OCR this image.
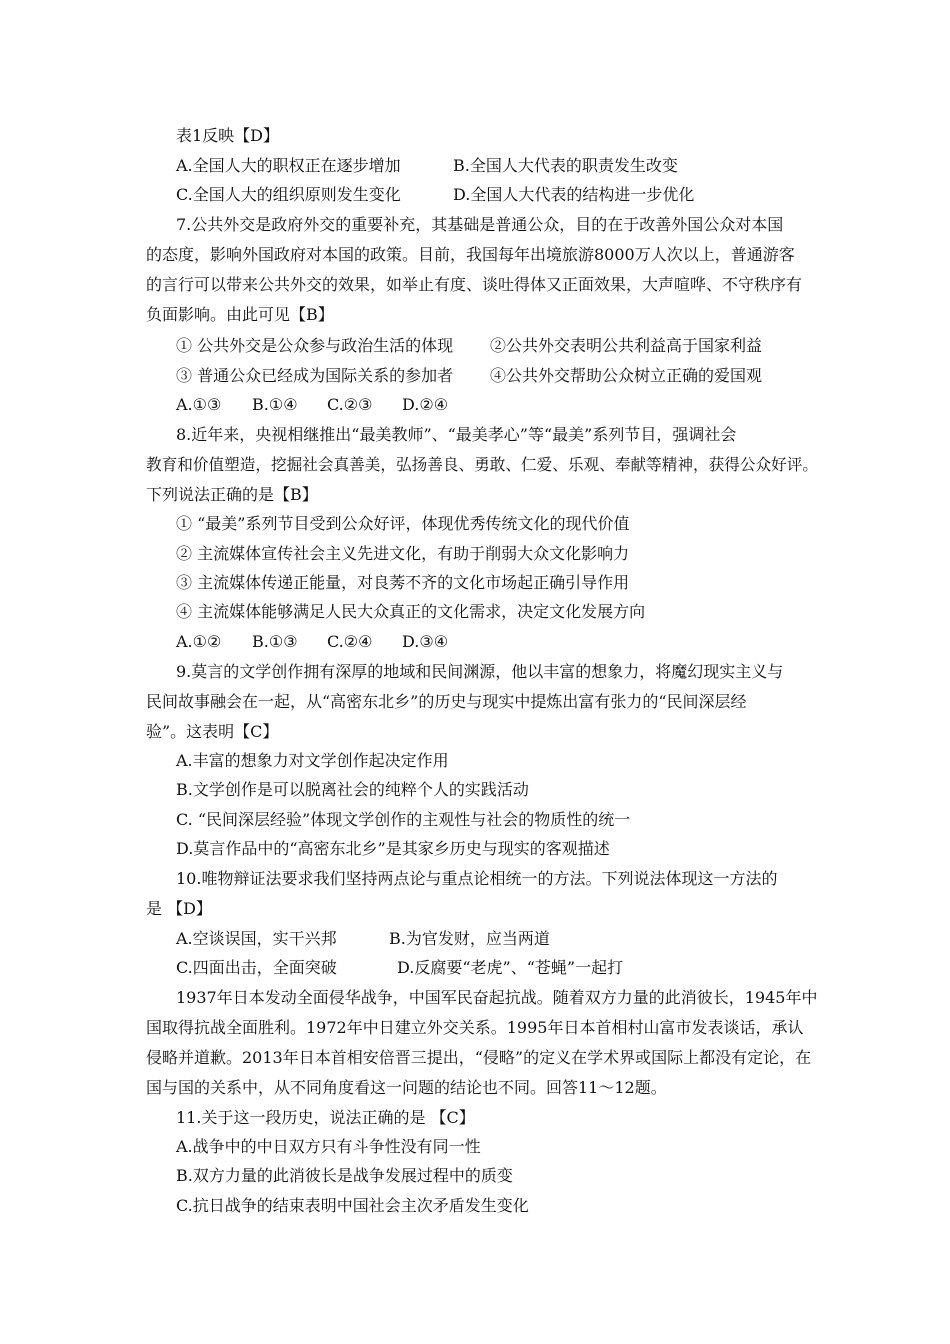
表1反映【D】
A.全国人大的职权正在逐步增加	B.全国人大代表的职责发生改变
C.全国人大的组织原则发生变化	D.全国人大代表的结构进一步优化
7.公共外交是政府外交的重要补充，其基础是普通公众，目的在于改善外国公众对本国
的态度，影响外国政府对本国的政策。目前，我国每年出境旅游8000万人次以上，普通游客
的言行可以带来公共外交的效果，如举止有度、谈吐得体又正面效果，大声喧哗、不守秩序有
负面影响。由此可见【B】
① 公共外交是公众参与政治生活的体现 ②公共外交表明公共利益高于国家利益
③ 普通公众已经成为国际关系的参加者 ④公共外交帮助公众树立正确的爱国观
A.①③ B.①④ C.②③ D.②④
8.近年来，央视相继推出“最美教师”、“最美孝心”等“最美”系列节目，强调社会
教育和价值塑造，挖掘社会真善美，弘扬善良、勇敢、仁爱、乐观、奉献等精神，获得公众好评。
下列说法正确的是【B】
① “最美”系列节目受到公众好评，体现优秀传统文化的现代价值
② 主流媒体宣传社会主义先进文化，有助于削弱大众文化影响力
③ 主流媒体传递正能量，对良莠不齐的文化市场起正确引导作用
④ 主流媒体能够满足人民大众真正的文化需求，决定文化发展方向
A.①② B.①③ C.②④ D.③④
9.莫言的文学创作拥有深厚的地域和民间渊源，他以丰富的想象力，将魔幻现实主义与
民间故事融会在一起，从“高密东北乡”的历史与现实中提炼出富有张力的“民间深层经
验”。这表明【C】
A.丰富的想象力对文学创作起决定作用
B.文学创作是可以脱离社会的纯粹个人的实践活动
C. “民间深层经验”体现文学创作的主观性与社会的物质性的统一
D.莫言作品中的“高密东北乡”是其家乡历史与现实的客观描述
10.唯物辩证法要求我们坚持两点论与重点论相统一的方法。下列说法体现这一方法的
是 【D】
A.空谈误国，实干兴邦	B.为官发财，应当两道
C.四面出击，全面突破	D.反腐要“老虎”、“苍蝇”一起打
1937年日本发动全面侵华战争，中国军民奋起抗战。随着双方力量的此消彼长，1945年中
国取得抗战全面胜利。1972年中日建立外交关系。1995年日本首相村山富市发表谈话，承认
侵略并道歉。2013年日本首相安倍晋三提出，“侵略”的定义在学术界或国际上都没有定论，在
国与国的关系中，从不同角度看这一问题的结论也不同。回答11～12题。
11.关于这一段历史，说法正确的是 【C】
A.战争中的中日双方只有斗争性没有同一性
B.双方力量的此消彼长是战争发展过程中的质变
C.抗日战争的结束表明中国社会主次矛盾发生变化
